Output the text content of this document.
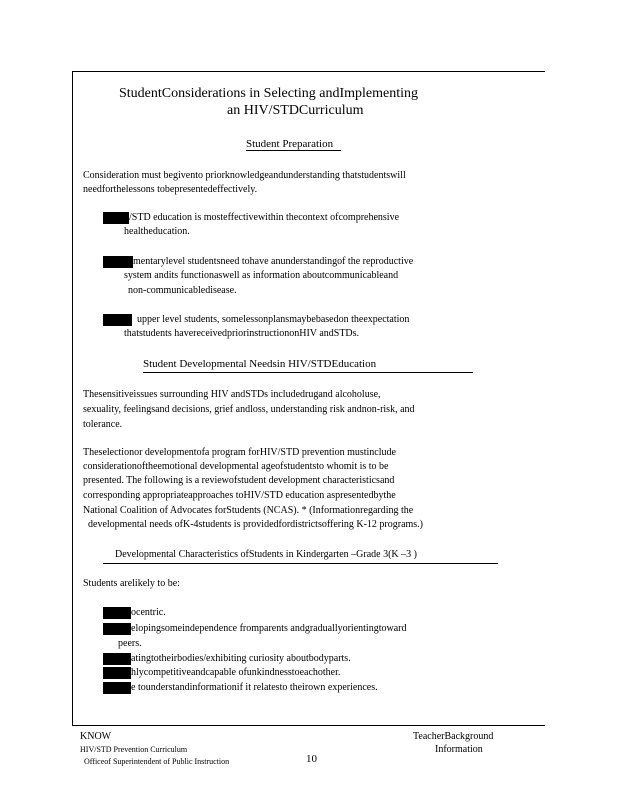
StudentConsiderations in Selecting andImplementing
an HIV/STDCurriculum
Student Preparation
Consideration must begivento priorknowledgeandunderstanding thatstudentswill
needforthelessons tobepresentedeffectively.
/STD education is mosteffectivewithin thecontext ofcomprehensive
healtheducation.
mentarylevel studentsneed tohave anunderstandingof the reproductive
system andits functionaswell as information aboutcommunicableand
non-communicabledisease.
upper level students, somelessonplansmaybebasedon theexpectation
thatstudents havereceivedpriorinstructiononHIV andSTDs.
Student Developmental Needsin HIV/STDEducation
Thesensitiveissues surrounding HIV andSTDs includedrugand alcoholuse,
sexuality, feelingsand decisions, grief andloss, understanding risk andnon-risk, and
tolerance.
Theselectionor developmentofa program forHIV/STD prevention mustinclude
considerationoftheemotional developmental ageofstudentsto whomit is to be
presented. The following is a reviewofstudent development characteristicsand
corresponding appropriateapproaches toHIV/STD education aspresentedbythe
National Coalition of Advocates forStudents (NCAS). * (Informationregarding the
developmental needs ofK-4students is providedfordistrictsoffering K-12 programs.)
Developmental Characteristics ofStudents in Kindergarten –Grade 3(K –3 )
Students arelikely to be:
ocentric.
elopingsomeindependence fromparents andgraduallyorientingtoward
peers.
atingtotheirbodies/exhibiting curiosity aboutbodyparts.
hlycompetitiveandcapable ofunkindnesstoeachother.
e tounderstandinformationif it relatesto theirown experiences.
KNOW
HIV/STD Prevention Curriculum
Officeof Superintendent of Public Instruction	10
TeacherBackground
Information
